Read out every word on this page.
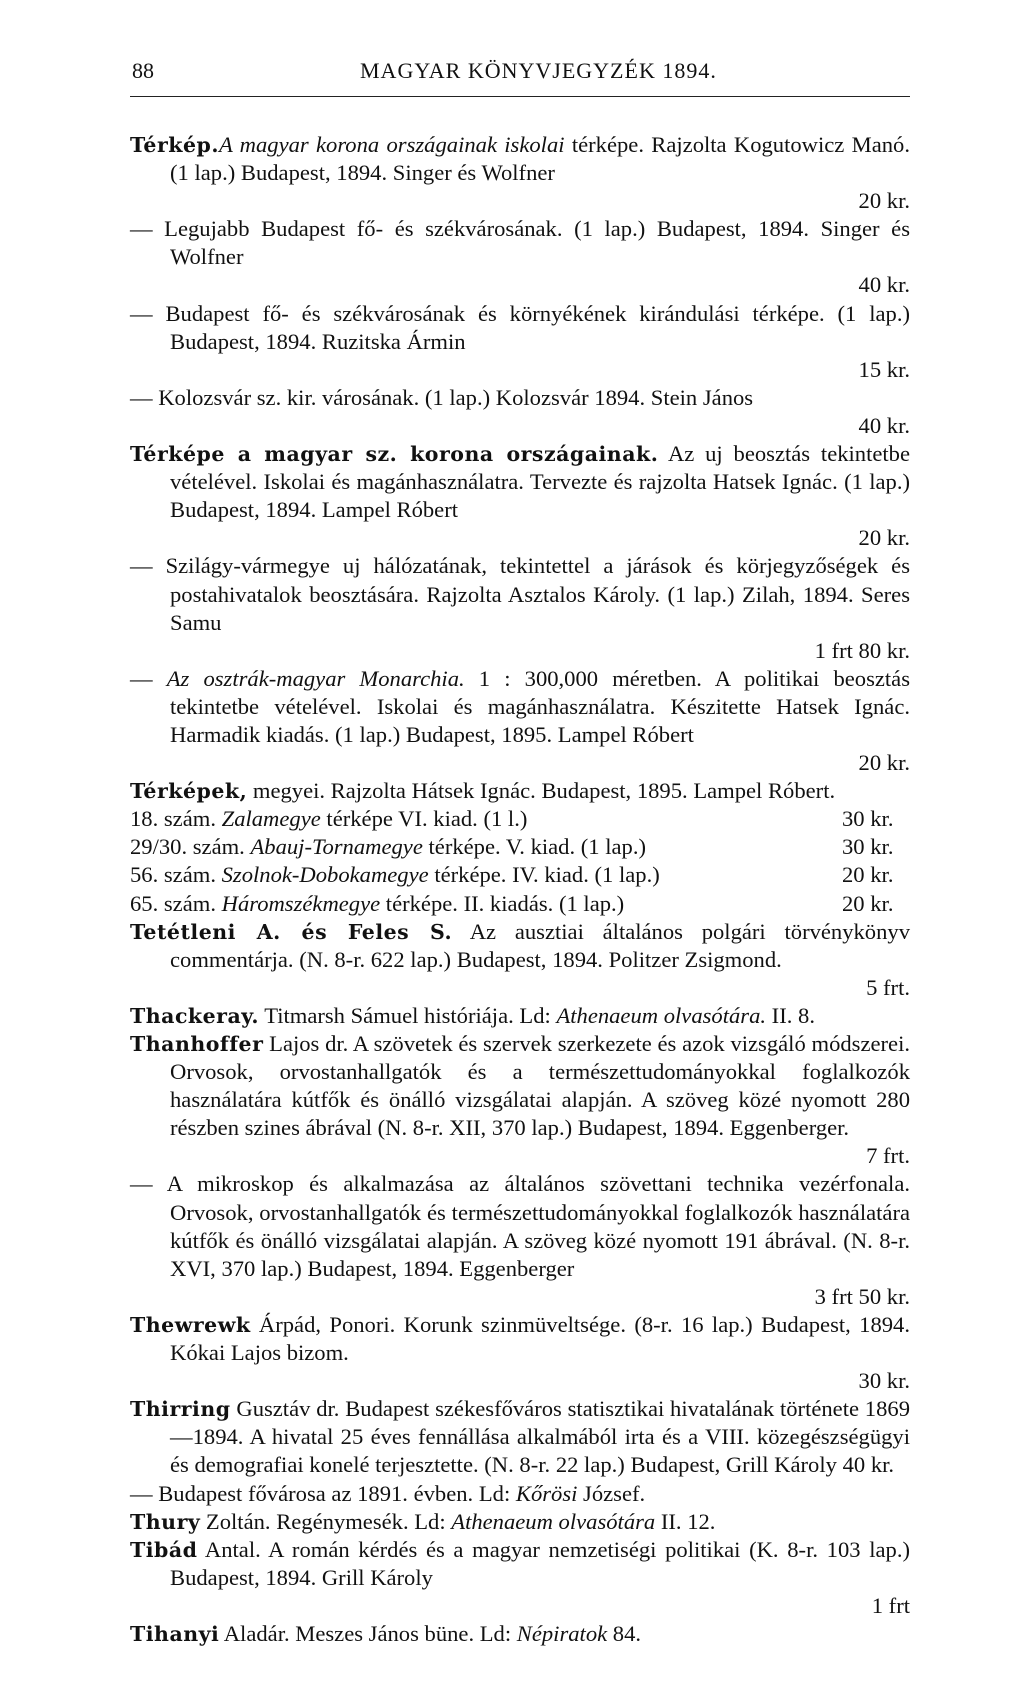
88	MAGYAR KÖNYVJEGYZÉK 1894.

Térkép.A magyar korona országainak iskolai térképe. Rajzolta Kogutowicz Manó. (1 lap.) Budapest, 1894. Singer és Wolfner
20 kr.

— Legujabb Budapest fő- és székvárosának. (1 lap.) Budapest, 1894. Singer és Wolfner
40 kr.

— Budapest fő- és székvárosának és környékének kirándulási térképe. (1 lap.) Budapest, 1894. Ruzitska Ármin
15 kr.

— Kolozsvár sz. kir. városának. (1 lap.) Kolozsvár 1894. Stein János
40 kr.

Térképe a magyar sz. korona országainak. Az uj beosztás tekintetbe vételével. Iskolai és magánhasználatra. Tervezte és rajzolta Hatsek Ignác. (1 lap.) Budapest, 1894. Lampel Róbert
20 kr.

— Szilágy-vármegye uj hálózatának, tekintettel a járások és körjegyzőségek és postahivatalok beosztására. Rajzolta Asztalos Károly. (1 lap.) Zilah, 1894. Seres Samu
1 frt 80 kr.

— Az osztrák-magyar Monarchia. 1 : 300,000 méretben. A politikai beosztás tekintetbe vételével. Iskolai és magánhasználatra. Készitette Hatsek Ignác. Harmadik kiadás. (1 lap.) Budapest, 1895. Lampel Róbert
20 kr.

Térképek, megyei. Rajzolta Hátsek Ignác. Budapest, 1895. Lampel Róbert.

18. szám. Zalamegye térképe VI. kiad. (1 l.)	30 kr.
29/30. szám. Abauj-Tornamegye térképe. V. kiad. (1 lap.)	30 kr.
56. szám. Szolnok-Dobokamegye térképe. IV. kiad. (1 lap.)	20 kr.
65. szám. Háromszékmegye térképe. II. kiadás. (1 lap.)	20 kr.

Tetétleni A. és Feles S. Az ausztiai általános polgári törvénykönyv commentárja. (N. 8-r. 622 lap.) Budapest, 1894. Politzer Zsigmond.
5 frt.

Thackeray. Titmarsh Sámuel históriája. Ld: Athenaeum olvasótára. II. 8.

Thanhoffer Lajos dr. A szövetek és szervek szerkezete és azok vizsgáló módszerei. Orvosok, orvostanhallgatók és a természettudományokkal foglalkozók használatára kútfők és önálló vizsgálatai alapján. A szöveg közé nyomott 280 részben szines ábrával (N. 8-r. XII, 370 lap.) Budapest, 1894. Eggenberger.
7 frt.

— A mikroskop és alkalmazása az általános szövettani technika vezérfonala. Orvosok, orvostanhallgatók és természettudományokkal foglalkozók használatára kútfők és önálló vizsgálatai alapján. A szöveg közé nyomott 191 ábrával. (N. 8-r. XVI, 370 lap.) Budapest, 1894. Eggenberger
3 frt 50 kr.

Thewrewk Árpád, Ponori. Korunk szinmüveltsége. (8-r. 16 lap.) Budapest, 1894. Kókai Lajos bizom.
30 kr.

Thirring Gusztáv dr. Budapest székesfőváros statisztikai hivatalának története 1869—1894. A hivatal 25 éves fennállása alkalmából irta és a VIII. közegészségügyi és demografiai konelé terjesztette. (N. 8-r. 22 lap.) Budapest, Grill Károly 40 kr.

— Budapest fővárosa az 1891. évben. Ld: Kőrösi József.

Thury Zoltán. Regénymesék. Ld: Athenaeum olvasótára II. 12.

Tibád Antal. A román kérdés és a magyar nemzetiségi politikai (K. 8-r. 103 lap.) Budapest, 1894. Grill Károly
1 frt

Tihanyi Aladár. Meszes János büne. Ld: Népiratok 84.
